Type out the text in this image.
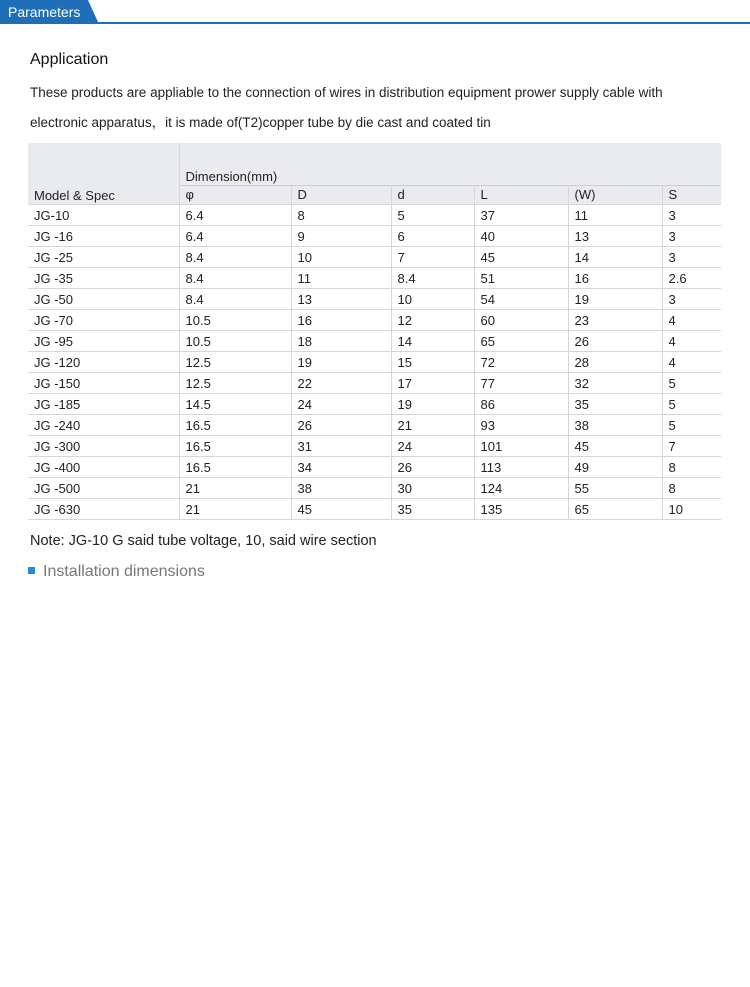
Parameters
Application
These products are appliable to the connection of wires in distribution equipment prower supply cable with
electronic apparatus，it is made of(T2)copper tube by die cast and coated tin
Model & Spec	Dimension(mm)					
	φ	D	d	L	(W)	S
JG-10	6.4	8	5	37	11	3
JG -16	6.4	9	6	40	13	3
JG -25	8.4	10	7	45	14	3
JG -35	8.4	11	8.4	51	16	2.6
JG -50	8.4	13	10	54	19	3
JG -70	10.5	16	12	60	23	4
JG -95	10.5	18	14	65	26	4
JG -120	12.5	19	15	72	28	4
JG -150	12.5	22	17	77	32	5
JG -185	14.5	24	19	86	35	5
JG -240	16.5	26	21	93	38	5
JG -300	16.5	31	24	101	45	7
JG -400	16.5	34	26	113	49	8
JG -500	21	38	30	124	55	8
JG -630	21	45	35	135	65	10
Note: JG-10 G said tube voltage, 10, said wire section
Installation dimensions
